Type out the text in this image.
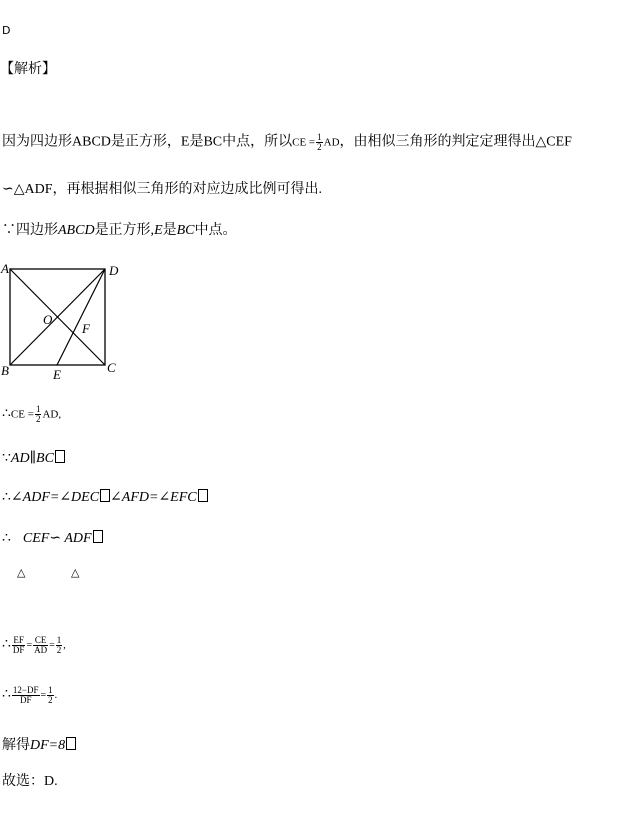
D
【解析】
因为四边形ABCD是正方形，E是BC中点，所以CE = $\frac{1}{2}$ AD，由相似三角形的判定定理得出△CEF
∽△ADF，再根据相似三角形的对应边成比例可得出.
∵四边形ABCD是正方形,E是BC中点。
A	D
B	C
E
F
O
∴CE = $\frac{1}{2}$ AD,
∵AD∥BC
∴∠ADF=∠DEC ∠AFD=∠EFC
∴ CEF∽ ADF
△	△
∴ $\frac{EF}{DF} = \frac{CE}{AD} = \frac{1}{2}$ ,
∴ $\frac{12-DF}{DF} = \frac{1}{2}$ .
解得DF=8
故选：D.
